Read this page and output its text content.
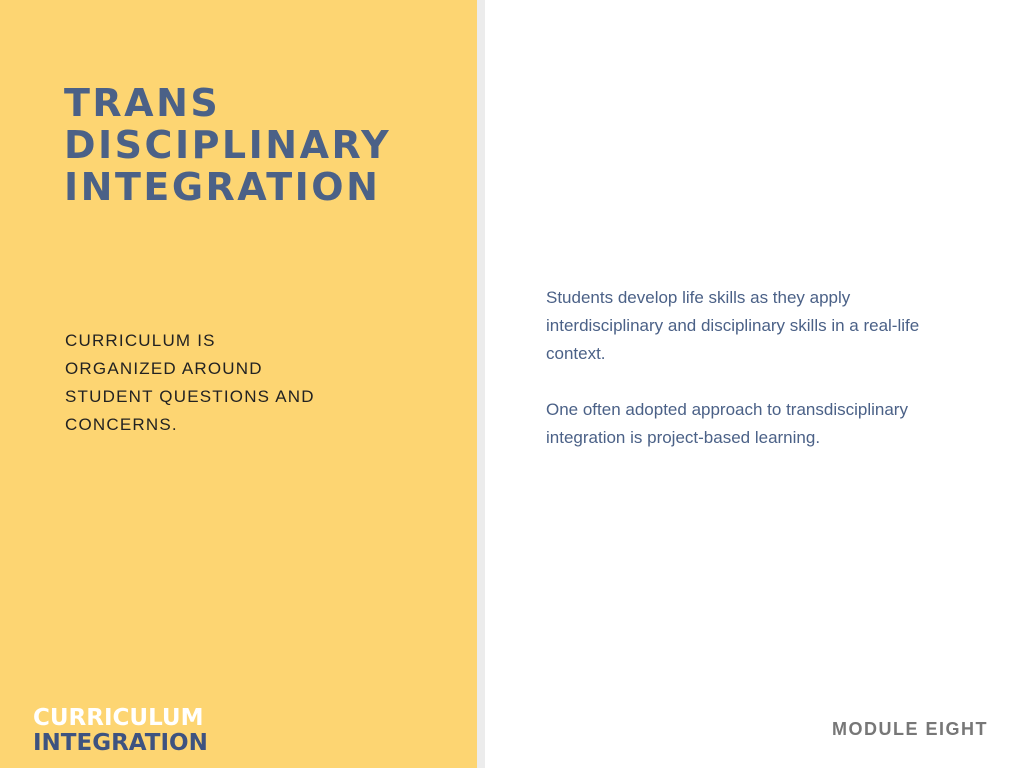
TRANS
DISCIPLINARY
INTEGRATION
CURRICULUM IS
ORGANIZED AROUND
STUDENT QUESTIONS AND
CONCERNS.
CURRICULUM
INTEGRATION

Students develop life skills as they apply
interdisciplinary and disciplinary skills in a real-life
context.

One often adopted approach to transdisciplinary
integration is project-based learning.

MODULE EIGHT
